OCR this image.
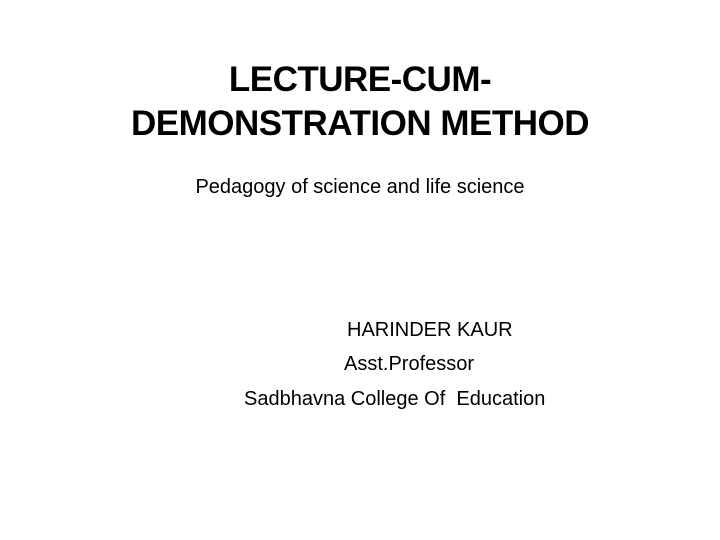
LECTURE-CUM-
DEMONSTRATION METHOD
Pedagogy of science and life science
HARINDER KAUR
Asst.Professor
Sadbhavna College Of  Education
